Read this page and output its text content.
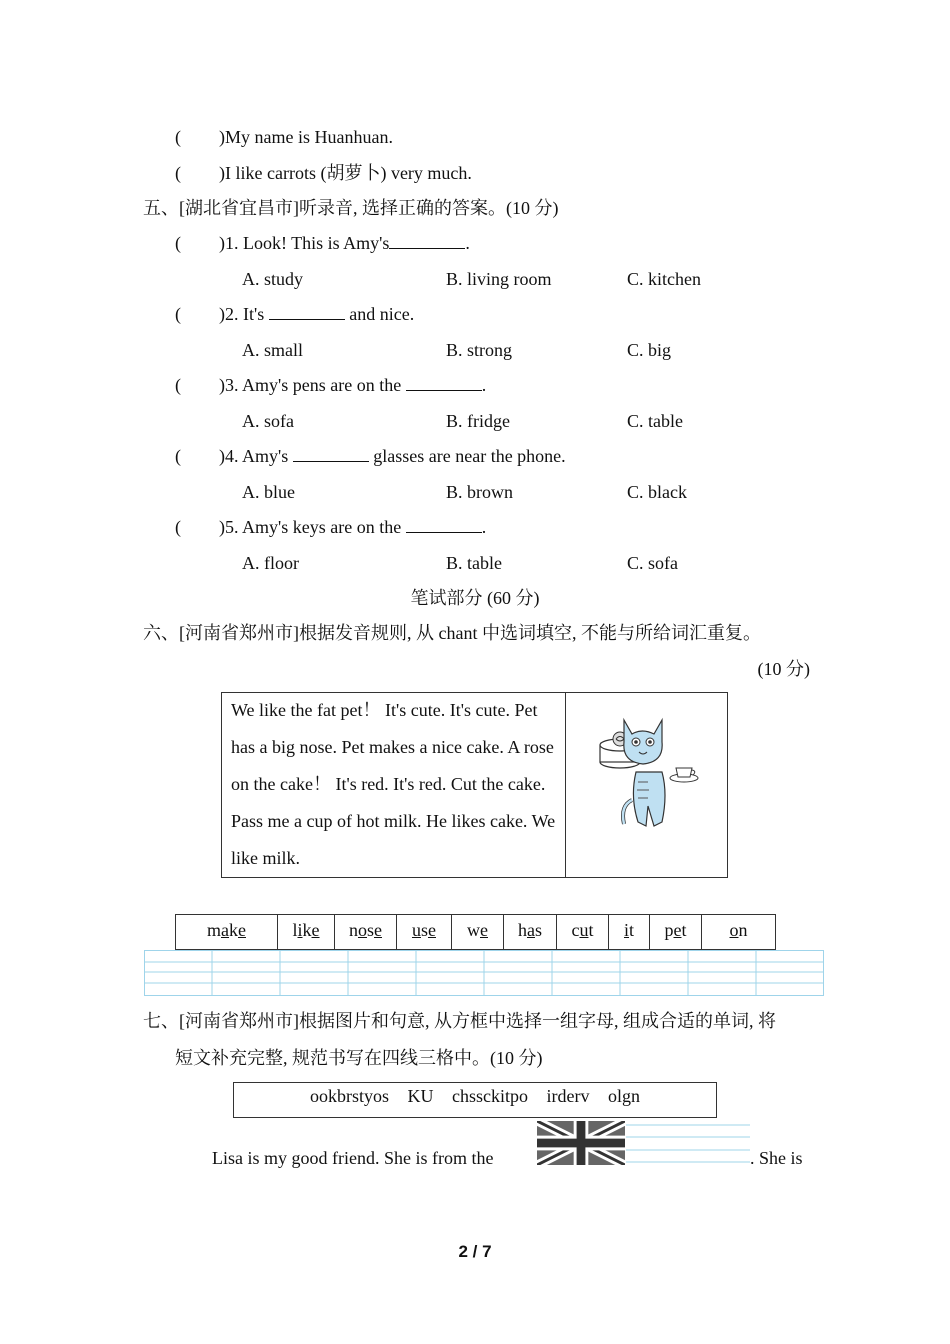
( )My name is Huanhuan.
( )I like carrots (胡萝卜) very much.
五、[湖北省宜昌市]听录音, 选择正确的答案。(10 分)
( )1. Look! This is Amy's	.
A. study	B. living room	C. kitchen
( )2. It's	and nice.
A. small	B. strong	C. big
( )3. Amy's pens are on the	.
A. sofa	B. fridge	C. table
( )4. Amy's	glasses are near the phone.
A. blue	B. brown	C. black
( )5. Amy's keys are on the	.
A. floor	B. table	C. sofa
笔试部分 (60 分)
六、[河南省郑州市]根据发音规则, 从 chant 中选词填空, 不能与所给词汇重复。
(10 分)
We like the fat pet！ It's cute. It's cute. Pet has a big nose. Pet makes a nice cake. A rose on the cake！ It's red. It's red. Cut the cake. Pass me a cup of hot milk. He likes cake. We like milk.
make	like	nose	use	we	has	cut	it	pet	on
七、[河南省郑州市]根据图片和句意, 从方框中选择一组字母, 组成合适的单词, 将
短文补充完整, 规范书写在四线三格中。(10 分)
ookbrstyos KU chssckitpo irderv olgn
Lisa is my good friend. She is from the	. She is
2 / 7
